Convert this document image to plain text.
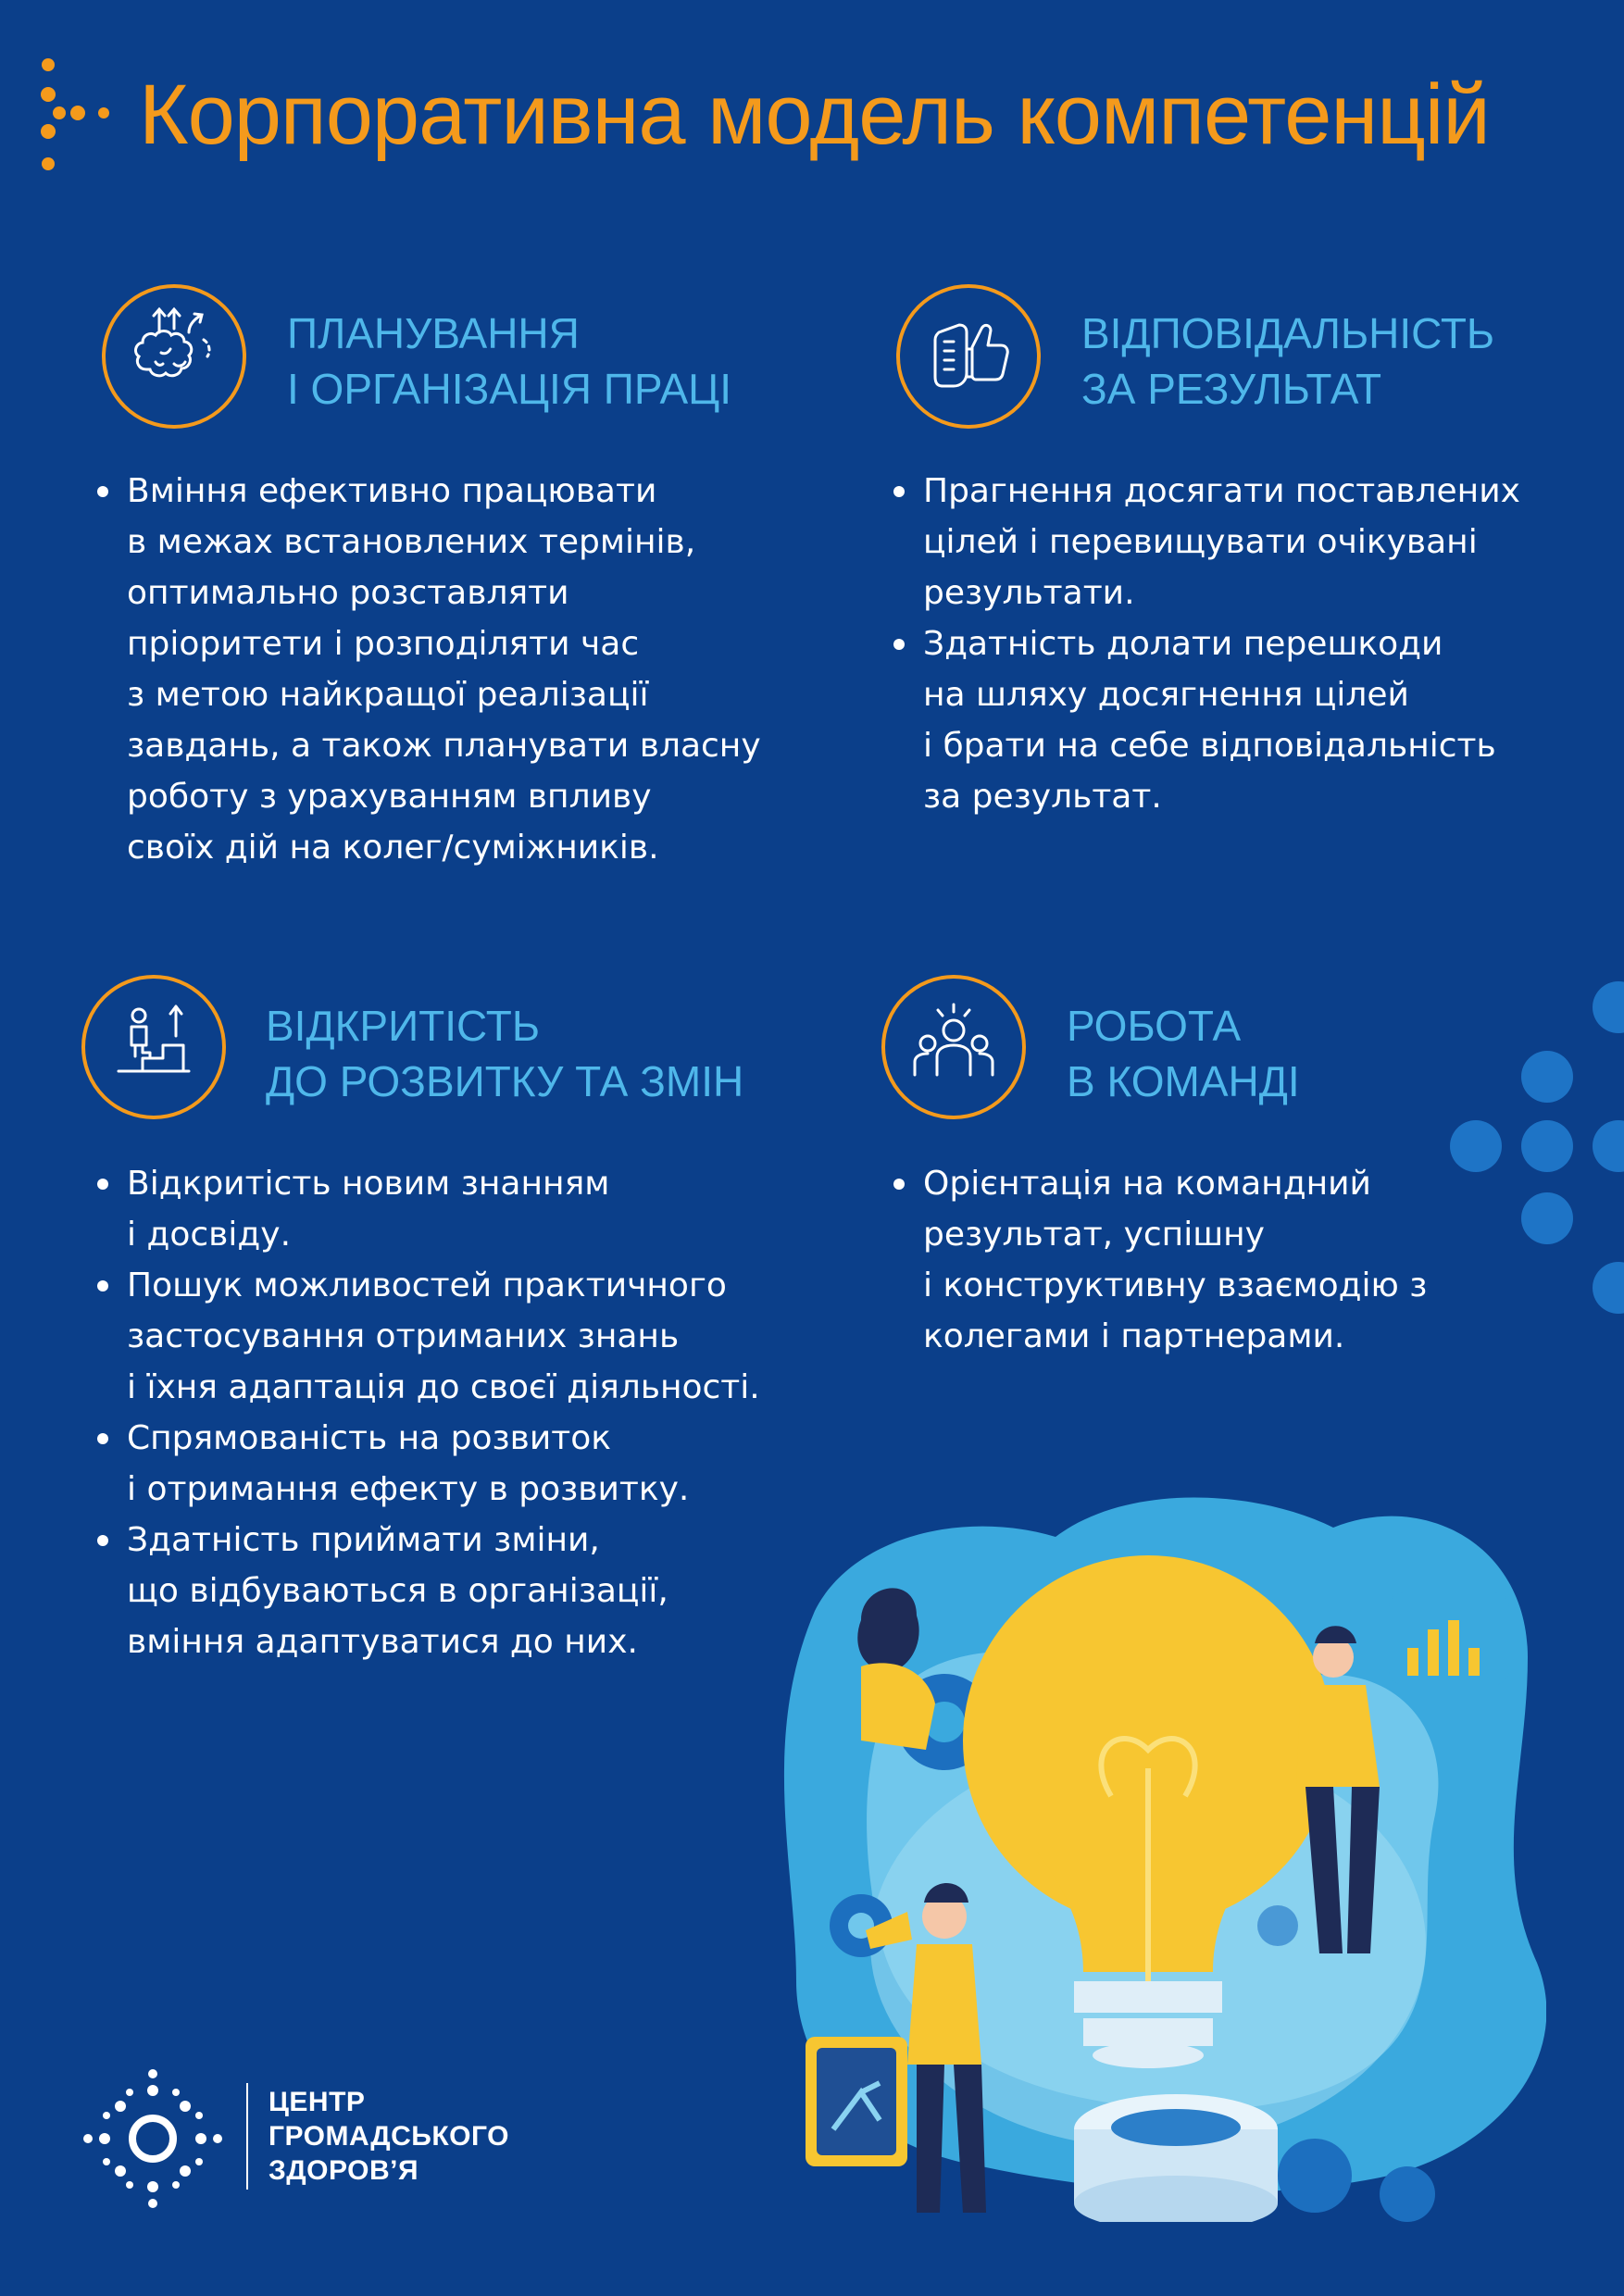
Корпоративна модель компетенцій
ПЛАНУВАННЯ
І ОРГАНІЗАЦІЯ ПРАЦІ
Вміння ефективно працювати
в межах встановлених термінів,
оптимально розставляти
пріоритети і розподіляти час
з метою найкращої реалізації
завдань, а також планувати власну
роботу з урахуванням впливу
своїх дій на колег/суміжників.
ВІДПОВІДАЛЬНІСТЬ
ЗА РЕЗУЛЬТАТ
Прагнення досягати поставлених
цілей і перевищувати очікувані
результати.
Здатність долати перешкоди
на шляху досягнення цілей
і брати на себе відповідальність
за результат.
ВІДКРИТІСТЬ
ДО РОЗВИТКУ ТА ЗМІН
Відкритість новим знанням
і досвіду.
Пошук можливостей практичного
застосування отриманих знань
і їхня адаптація до своєї діяльності.
Спрямованість на розвиток
і отримання ефекту в розвитку.
Здатність приймати зміни,
що відбуваються в організації,
вміння адаптуватися до них.
РОБОТА
В КОМАНДІ
Орієнтація на командний
результат, успішну
і конструктивну взаємодію з
колегами і партнерами.
ЦЕНТР
ГРОМАДСЬКОГО
ЗДОРОВ’Я
